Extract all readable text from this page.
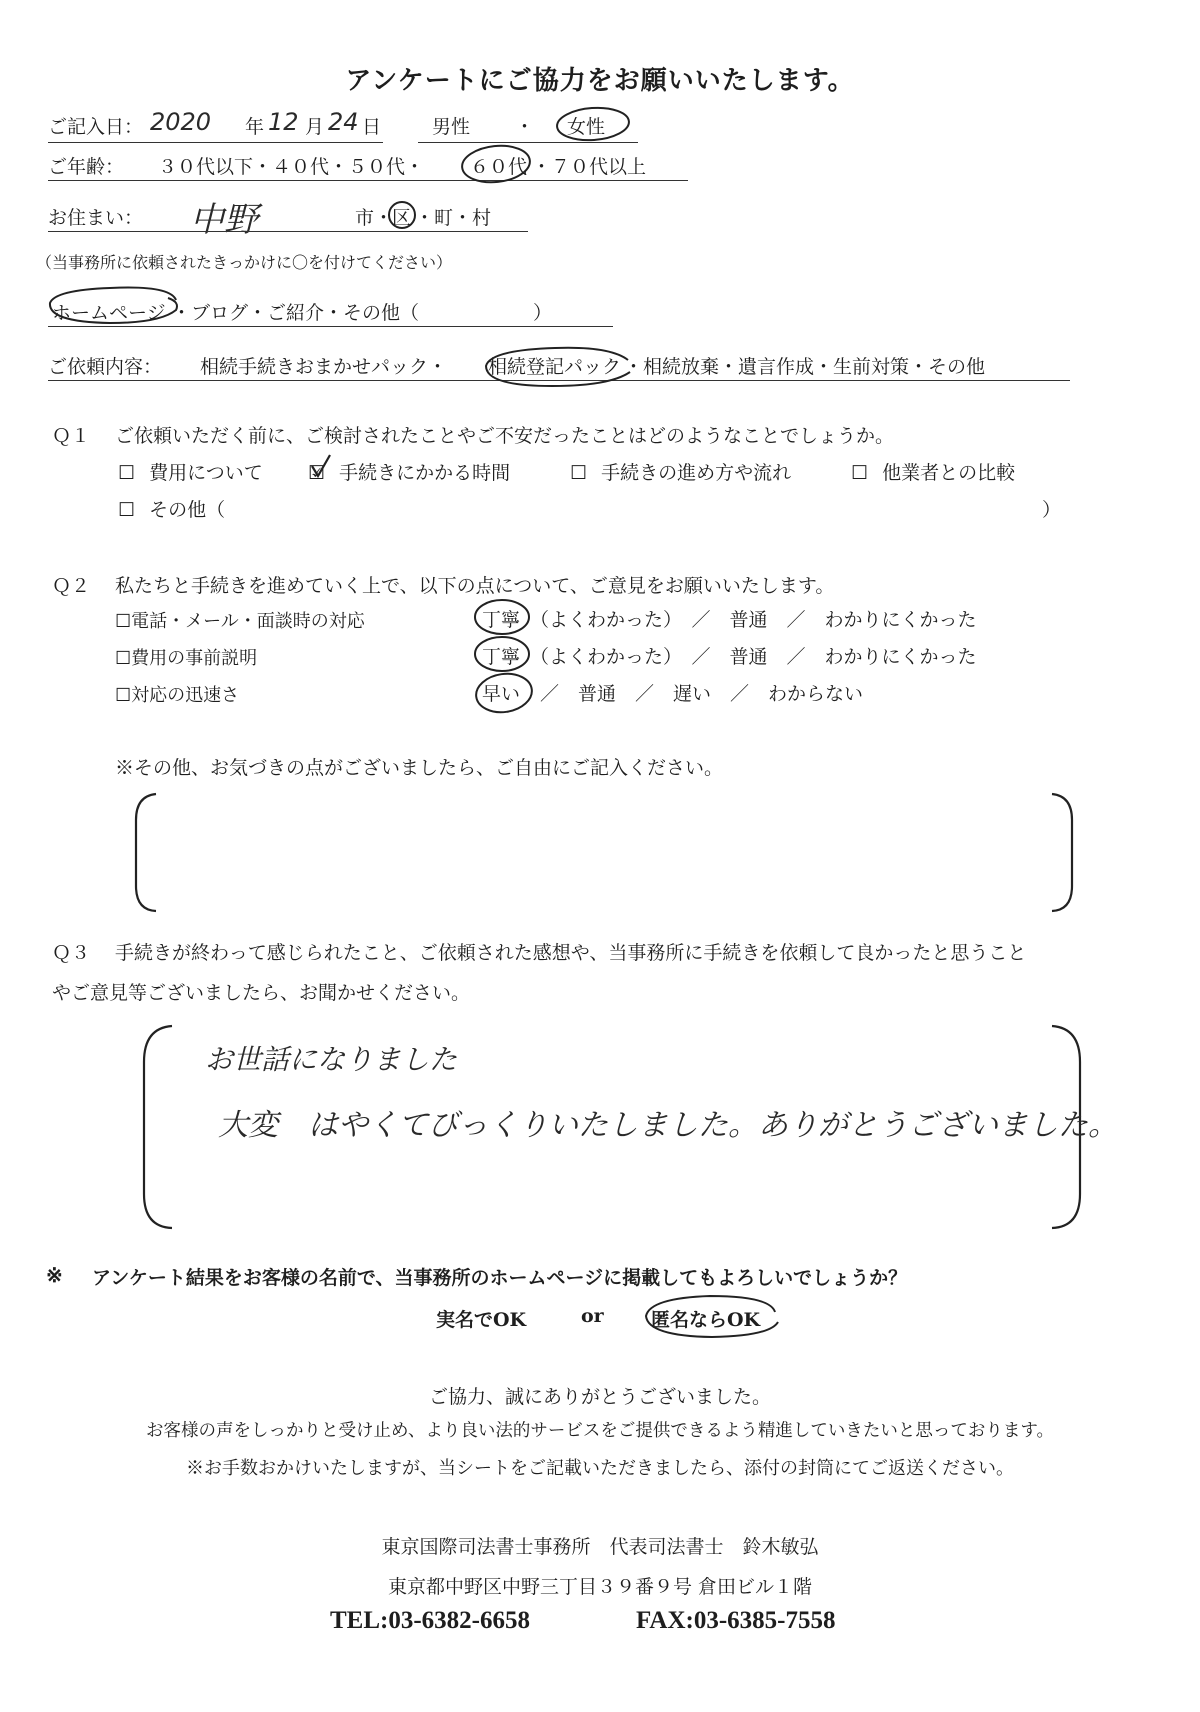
アンケートにご協力をお願いいたします。
ご記入日： 2020 年 12 月 24 日	男性 ・ 女性
ご年齢： ３０代以下・４０代・５０代・ ６０代 ・７０代以上
お住まい： 中野	市・
区 ・町・村
（当事務所に依頼されたきっかけに〇を付けてください）
ホームページ ・ブログ・ご紹介・その他（　　　　　　）
ご依頼内容： 相続手続きおまかせパック・ 相続登記パック ・相続放棄・遺言作成・生前対策・その他
Ｑ１ ご依頼いただく前に、ご検討されたことやご不安だったことはどのようなことでしょうか。
☐ 費用について ☑ 手続きにかかる時間	☐ 手続きの進め方や流れ	☐ 他業者との比較
☐ その他（	）
Ｑ２ 私たちと手続きを進めていく上で、以下の点について、ご意見をお願いいたします。
☐電話・メール・面談時の対応	丁寧 （よくわかった）　／　普通　／　わかりにくかった
☐費用の事前説明	丁寧 （よくわかった）　／　普通　／　わかりにくかった
☐対応の迅速さ	早い ／　普通　／　遅い　／　わからない
※その他、お気づきの点がございましたら、ご自由にご記入ください。
Ｑ３ 手続きが終わって感じられたこと、ご依頼された感想や、当事務所に手続きを依頼して良かったと思うこと
やご意見等ございましたら、お聞かせください。
お世話になりました
大変　はやくてびっくりいたしました。ありがとうございました。
※ アンケート結果をお客様の名前で、当事務所のホームページに掲載してもよろしいでしょうか？
実名でOK	or 匿名ならOK
ご協力、誠にありがとうございました。
お客様の声をしっかりと受け止め、より良い法的サービスをご提供できるよう精進していきたいと思っております。
※お手数おかけいたしますが、当シートをご記載いただきましたら、添付の封筒にてご返送ください。
東京国際司法書士事務所　代表司法書士　鈴木敏弘
東京都中野区中野三丁目３９番９号 倉田ビル１階
TEL:03-6382-6658	FAX:03-6385-7558
